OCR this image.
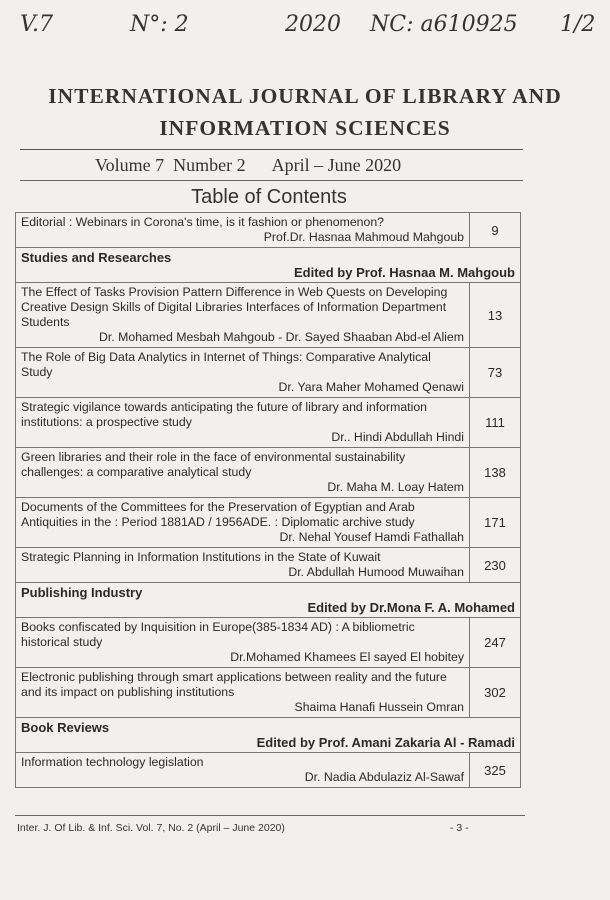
V.7	N°: 2	2020 NC: a610925 1/2
INTERNATIONAL JOURNAL OF LIBRARY AND
INFORMATION SCIENCES
Volume 7  Number 2      April – June 2020
Table of Contents
Editorial : Webinars in Corona's time, is it fashion or phenomenon?
Prof.Dr. Hasnaa Mahmoud Mahgoub	9

Studies and Researches
Edited by Prof. Hasnaa M. Mahgoub	

The Effect of Tasks Provision Pattern Difference in Web Quests on Developing Creative Design Skills of Digital Libraries Interfaces of Information Department Students
Dr. Mohamed Mesbah Mahgoub - Dr. Sayed Shaaban Abd-el Aliem	13

The Role of Big Data Analytics in Internet of Things: Comparative Analytical Study
Dr. Yara Maher Mohamed Qenawi	73

Strategic vigilance towards anticipating the future of library and information institutions: a prospective study
Dr.. Hindi Abdullah Hindi	111

Green libraries and their role in the face of environmental sustainability challenges: a comparative analytical study
Dr. Maha M. Loay Hatem	138

Documents of the Committees for the Preservation of Egyptian and Arab Antiquities in the : Period 1881AD / 1956ADE. : Diplomatic archive study
Dr. Nehal Yousef Hamdi Fathallah	171

Strategic Planning in Information Institutions in the State of Kuwait
Dr. Abdullah Humood Muwaihan	230

Publishing Industry
Edited by Dr.Mona F. A. Mohamed	

Books confiscated by Inquisition in Europe(385-1834 AD) : A bibliometric historical study
Dr.Mohamed Khamees El sayed El hobitey	247

Electronic publishing through smart applications between reality and the future and its impact on publishing institutions
Shaima Hanafi Hussein Omran	302

Book Reviews
Edited by Prof. Amani Zakaria Al - Ramadi	

Information technology legislation
Dr. Nadia Abdulaziz Al-Sawaf	325
Inter. J. Of Lib. & Inf. Sci. Vol. 7, No. 2 (April – June 2020)	- 3 -
